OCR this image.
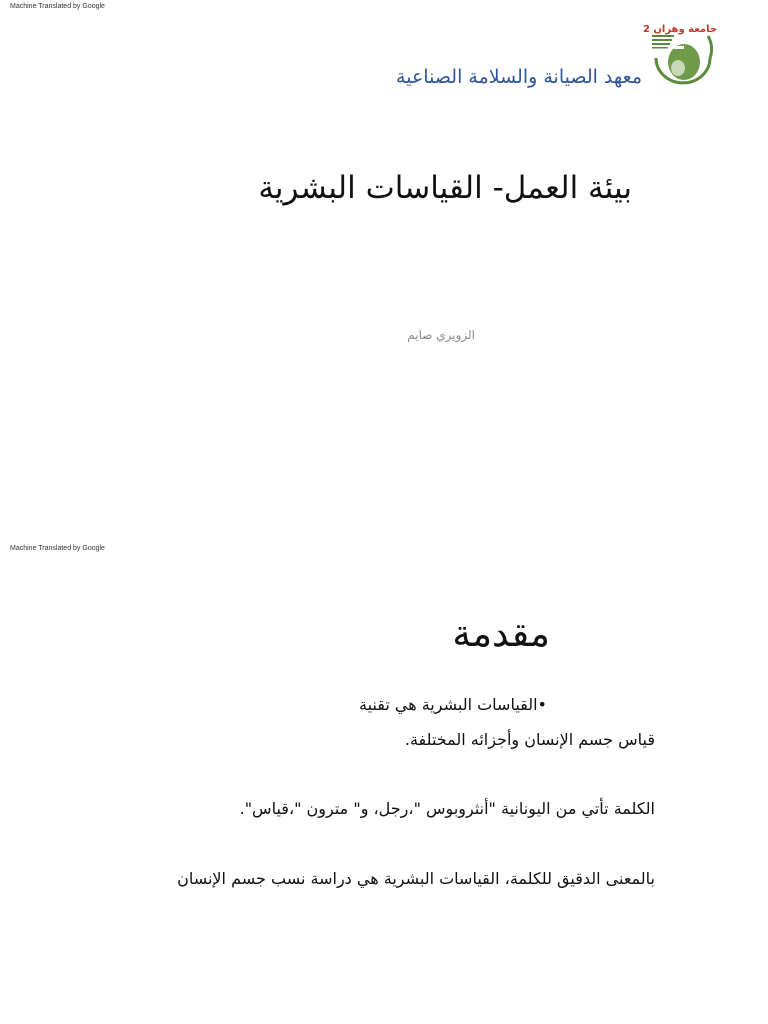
Machine Translated by Google
جامعة وهران 2
معهد الصيانة والسلامة الصناعية
بيئة العمل- القياسات البشرية
الزويري صايم
Machine Translated by Google
مقدمة
•القياسات البشرية هي تقنية
قياس جسم الإنسان وأجزائه المختلفة.
الكلمة تأتي من اليونانية "أنثروبوس "،رجل، و" مترون "،قياس".
بالمعنى الدقيق للكلمة، القياسات البشرية هي دراسة نسب جسم الإنسان
